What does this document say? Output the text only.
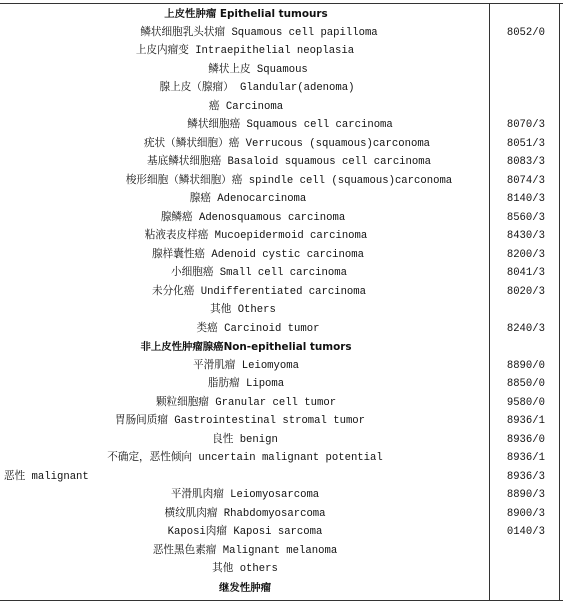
上皮性肿瘤 Epithelial tumours
鳞状细胞乳头状瘤 Squamous cell papilloma	8052/0
上皮内瘤变 Intraepithelial neoplasia
鳞状上皮 Squamous
腺上皮（腺瘤） Glandular(adenoma)
癌 Carcinoma
鳞状细胞癌 Squamous cell carcinoma	8070/3
疣状（鳞状细胞）癌 Verrucous (squamous)carconoma	8051/3
基底鳞状细胞癌 Basaloid squamous cell carcinoma	8083/3
梭形细胞（鳞状细胞）癌 spindle cell (squamous)carconoma	8074/3
腺癌 Adenocarcinoma	8140/3
腺鳞癌 Adenosquamous carcinoma	8560/3
粘液表皮样癌 Mucoepidermoid carcinoma	8430/3
腺样囊性癌 Adenoid cystic carcinoma	8200/3
小细胞癌 Small cell carcinoma	8041/3
未分化癌 Undifferentiated carcinoma	8020/3
其他 Others
类癌 Carcinoid tumor	8240/3
非上皮性肿瘤腺癌Non-epithelial tumors
平滑肌瘤 Leiomyoma	8890/0
脂肪瘤 Lipoma	8850/0
颗粒细胞瘤 Granular cell tumor	9580/0
胃肠间质瘤 Gastrointestinal stromal tumor	8936/1
良性 benign	8936/0
不确定，恶性倾向 uncertain malignant potential	8936/1
恶性 malignant	8936/3
平滑肌肉瘤 Leiomyosarcoma	8890/3
横纹肌肉瘤 Rhabdomyosarcoma	8900/3
Kaposi肉瘤 Kaposi sarcoma	0140/3
恶性黑色素瘤 Malignant melanoma
其他 others
继发性肿瘤
